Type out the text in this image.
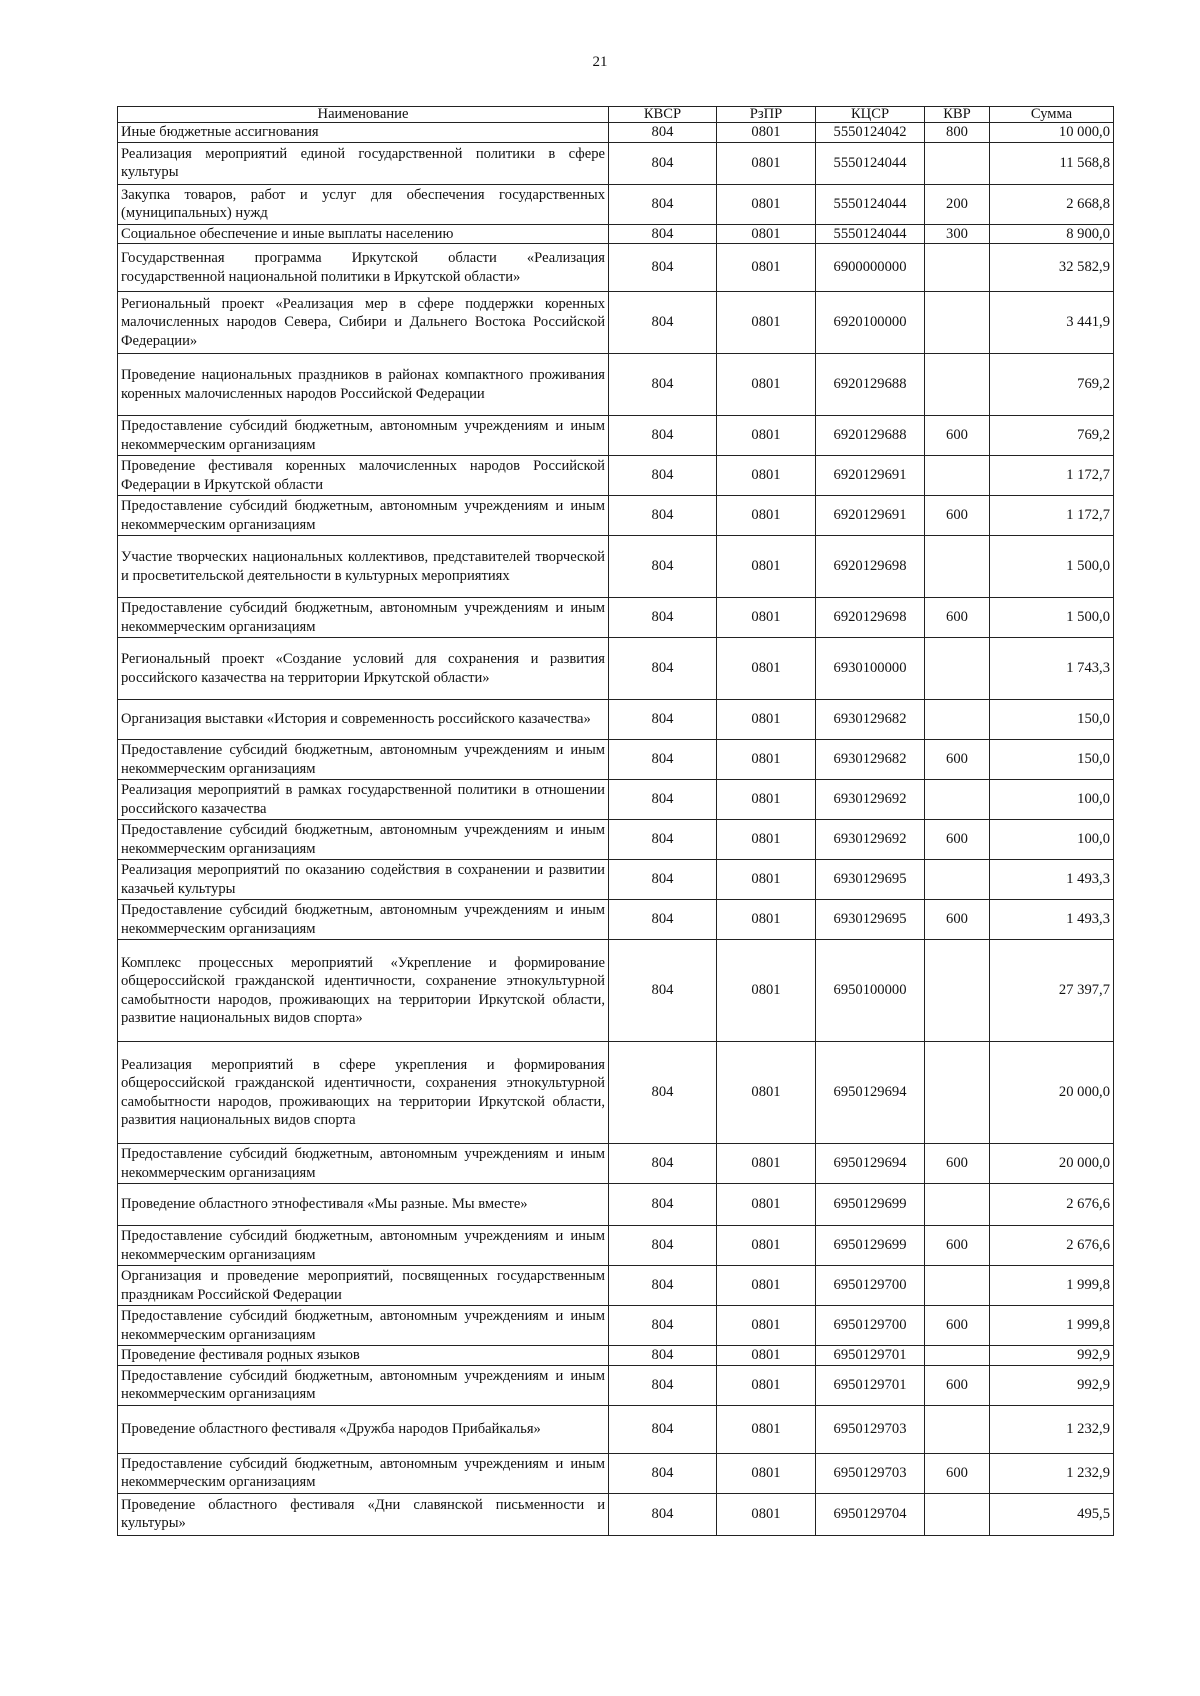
21
Наименование	КВСР	РзПР	КЦСР	КВР	Сумма
Иные бюджетные ассигнования	804	0801	5550124042	800	10 000,0
Реализация мероприятий единой государственной политики в сфере культуры	804	0801	5550124044		11 568,8
Закупка товаров, работ и услуг для обеспечения государственных (муниципальных) нужд	804	0801	5550124044	200	2 668,8
Социальное обеспечение и иные выплаты населению	804	0801	5550124044	300	8 900,0
Государственная программа Иркутской области «Реализация государственной национальной политики в Иркутской области»	804	0801	6900000000		32 582,9
Региональный проект «Реализация мер в сфере поддержки коренных малочисленных народов Севера, Сибири и Дальнего Востока Российской Федерации»	804	0801	6920100000		3 441,9
Проведение национальных праздников в районах компактного проживания коренных малочисленных народов Российской Федерации	804	0801	6920129688		769,2
Предоставление субсидий бюджетным, автономным учреждениям и иным некоммерческим организациям	804	0801	6920129688	600	769,2
Проведение фестиваля коренных малочисленных народов Российской Федерации в Иркутской области	804	0801	6920129691		1 172,7
Предоставление субсидий бюджетным, автономным учреждениям и иным некоммерческим организациям	804	0801	6920129691	600	1 172,7
Участие творческих национальных коллективов, представителей творческой и просветительской деятельности в культурных мероприятиях	804	0801	6920129698		1 500,0
Предоставление субсидий бюджетным, автономным учреждениям и иным некоммерческим организациям	804	0801	6920129698	600	1 500,0
Региональный проект «Создание условий для сохранения и развития российского казачества на территории Иркутской области»	804	0801	6930100000		1 743,3
Организация выставки «История и современность российского казачества»	804	0801	6930129682		150,0
Предоставление субсидий бюджетным, автономным учреждениям и иным некоммерческим организациям	804	0801	6930129682	600	150,0
Реализация мероприятий в рамках государственной политики в отношении российского казачества	804	0801	6930129692		100,0
Предоставление субсидий бюджетным, автономным учреждениям и иным некоммерческим организациям	804	0801	6930129692	600	100,0
Реализация мероприятий по оказанию содействия в сохранении и развитии казачьей культуры	804	0801	6930129695		1 493,3
Предоставление субсидий бюджетным, автономным учреждениям и иным некоммерческим организациям	804	0801	6930129695	600	1 493,3
Комплекс процессных мероприятий «Укрепление и формирование общероссийской гражданской идентичности, сохранение этнокультурной самобытности народов, проживающих на территории Иркутской области, развитие национальных видов спорта»	804	0801	6950100000		27 397,7
Реализация мероприятий в сфере укрепления и формирования общероссийской гражданской идентичности, сохранения этнокультурной самобытности народов, проживающих на территории Иркутской области, развития национальных видов спорта	804	0801	6950129694		20 000,0
Предоставление субсидий бюджетным, автономным учреждениям и иным некоммерческим организациям	804	0801	6950129694	600	20 000,0
Проведение областного этнофестиваля «Мы разные. Мы вместе»	804	0801	6950129699		2 676,6
Предоставление субсидий бюджетным, автономным учреждениям и иным некоммерческим организациям	804	0801	6950129699	600	2 676,6
Организация и проведение мероприятий, посвященных государственным праздникам Российской Федерации	804	0801	6950129700		1 999,8
Предоставление субсидий бюджетным, автономным учреждениям и иным некоммерческим организациям	804	0801	6950129700	600	1 999,8
Проведение фестиваля родных языков	804	0801	6950129701		992,9
Предоставление субсидий бюджетным, автономным учреждениям и иным некоммерческим организациям	804	0801	6950129701	600	992,9
Проведение областного фестиваля «Дружба народов Прибайкалья»	804	0801	6950129703		1 232,9
Предоставление субсидий бюджетным, автономным учреждениям и иным некоммерческим организациям	804	0801	6950129703	600	1 232,9
Проведение областного фестиваля «Дни славянской письменности и культуры»	804	0801	6950129704		495,5
